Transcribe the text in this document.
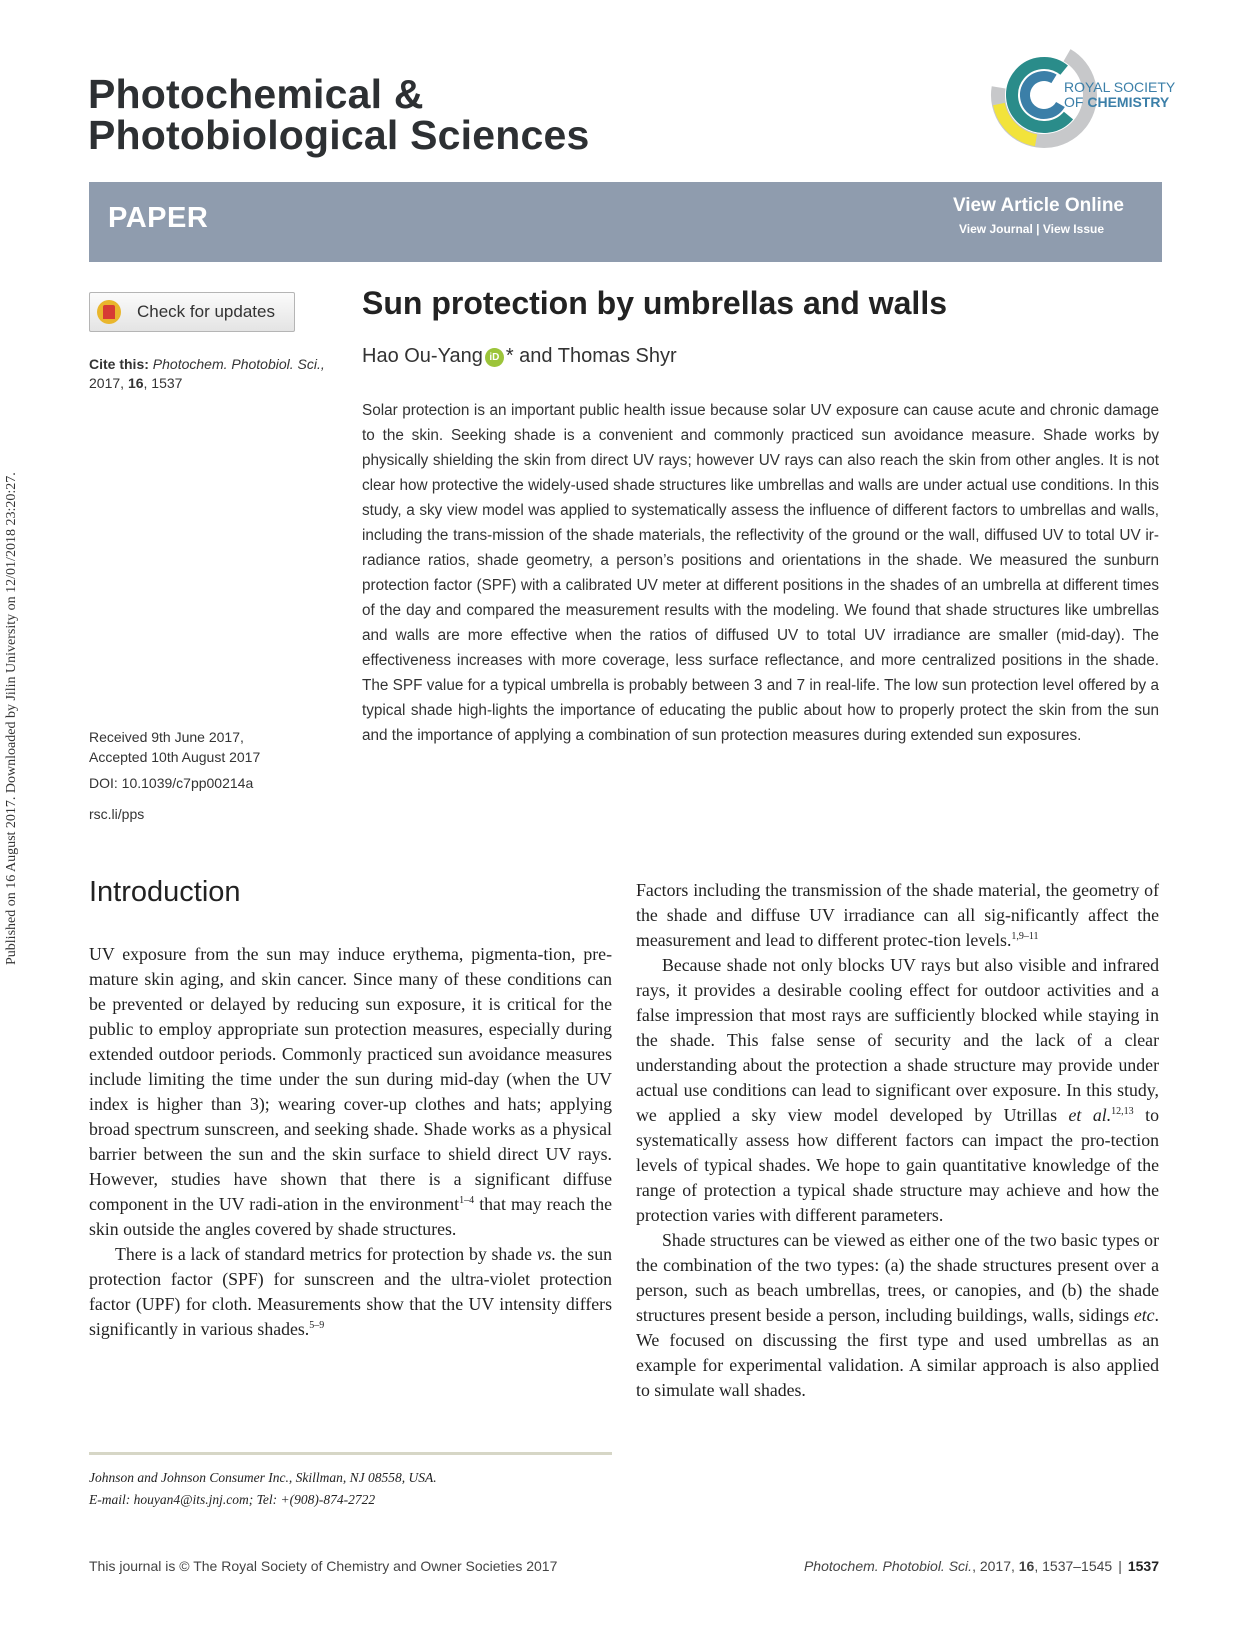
Published on 16 August 2017. Downloaded by Jilin University on 12/01/2018 23:20:27.
Photochemical &
Photobiological Sciences
ROYAL SOCIETY
OF CHEMISTRY
PAPER	View Article Online
View Journal | View Issue
Check for updates
Cite this: Photochem. Photobiol. Sci.,
2017, 16, 1537
Received 9th June 2017,
Accepted 10th August 2017
DOI: 10.1039/c7pp00214a
rsc.li/pps
Sun protection by umbrellas and walls
Hao Ou-Yang iD * and Thomas Shyr
Solar protection is an important public health issue because solar UV exposure can cause acute and chronic damage to the skin. Seeking shade is a convenient and commonly practiced sun avoidance measure. Shade works by physically shielding the skin from direct UV rays; however UV rays can also reach the skin from other angles. It is not clear how protective the widely-used shade structures like umbrellas and walls are under actual use conditions. In this study, a sky view model was applied to systematically assess the influence of different factors to umbrellas and walls, including the trans-mission of the shade materials, the reflectivity of the ground or the wall, diffused UV to total UV ir-radiance ratios, shade geometry, a person’s positions and orientations in the shade. We measured the sunburn protection factor (SPF) with a calibrated UV meter at different positions in the shades of an umbrella at different times of the day and compared the measurement results with the modeling. We found that shade structures like umbrellas and walls are more effective when the ratios of diffused UV to total UV irradiance are smaller (mid-day). The effectiveness increases with more coverage, less surface reflectance, and more centralized positions in the shade. The SPF value for a typical umbrella is probably between 3 and 7 in real-life. The low sun protection level offered by a typical shade high-lights the importance of educating the public about how to properly protect the skin from the sun and the importance of applying a combination of sun protection measures during extended sun exposures.
Introduction

UV exposure from the sun may induce erythema, pigmenta-tion, pre-mature skin aging, and skin cancer. Since many of these conditions can be prevented or delayed by reducing sun exposure, it is critical for the public to employ appropriate sun protection measures, especially during extended outdoor periods. Commonly practiced sun avoidance measures include limiting the time under the sun during mid-day (when the UV index is higher than 3); wearing cover-up clothes and hats; applying broad spectrum sunscreen, and seeking shade. Shade works as a physical barrier between the sun and the skin surface to shield direct UV rays. However, studies have shown that there is a significant diffuse component in the UV radi-ation in the environment$^{1-4}$ that may reach the skin outside the angles covered by shade structures.

There is a lack of standard metrics for protection by shade vs. the sun protection factor (SPF) for sunscreen and the ultra-violet protection factor (UPF) for cloth. Measurements show that the UV intensity differs significantly in various shades.$^{5-9}$

Johnson and Johnson Consumer Inc., Skillman, NJ 08558, USA.
E-mail: houyan4@its.jnj.com; Tel: +(908)-874-2722

Factors including the transmission of the shade material, the geometry of the shade and diffuse UV irradiance can all sig-nificantly affect the measurement and lead to different protec-tion levels.$^{1,9-11}$

Because shade not only blocks UV rays but also visible and infrared rays, it provides a desirable cooling effect for outdoor activities and a false impression that most rays are sufficiently blocked while staying in the shade. This false sense of security and the lack of a clear understanding about the protection a shade structure may provide under actual use conditions can lead to significant over exposure. In this study, we applied a sky view model developed by Utrillas et al.$^{12,13}$ to systematically assess how different factors can impact the pro-tection levels of typical shades. We hope to gain quantitative knowledge of the range of protection a typical shade structure may achieve and how the protection varies with different parameters.

Shade structures can be viewed as either one of the two basic types or the combination of the two types: (a) the shade structures present over a person, such as beach umbrellas, trees, or canopies, and (b) the shade structures present beside a person, including buildings, walls, sidings etc. We focused on discussing the first type and used umbrellas as an example for experimental validation. A similar approach is also applied to simulate wall shades.

This journal is © The Royal Society of Chemistry and Owner Societies 2017	Photochem. Photobiol. Sci., 2017, 16, 1537–1545 | 1537
